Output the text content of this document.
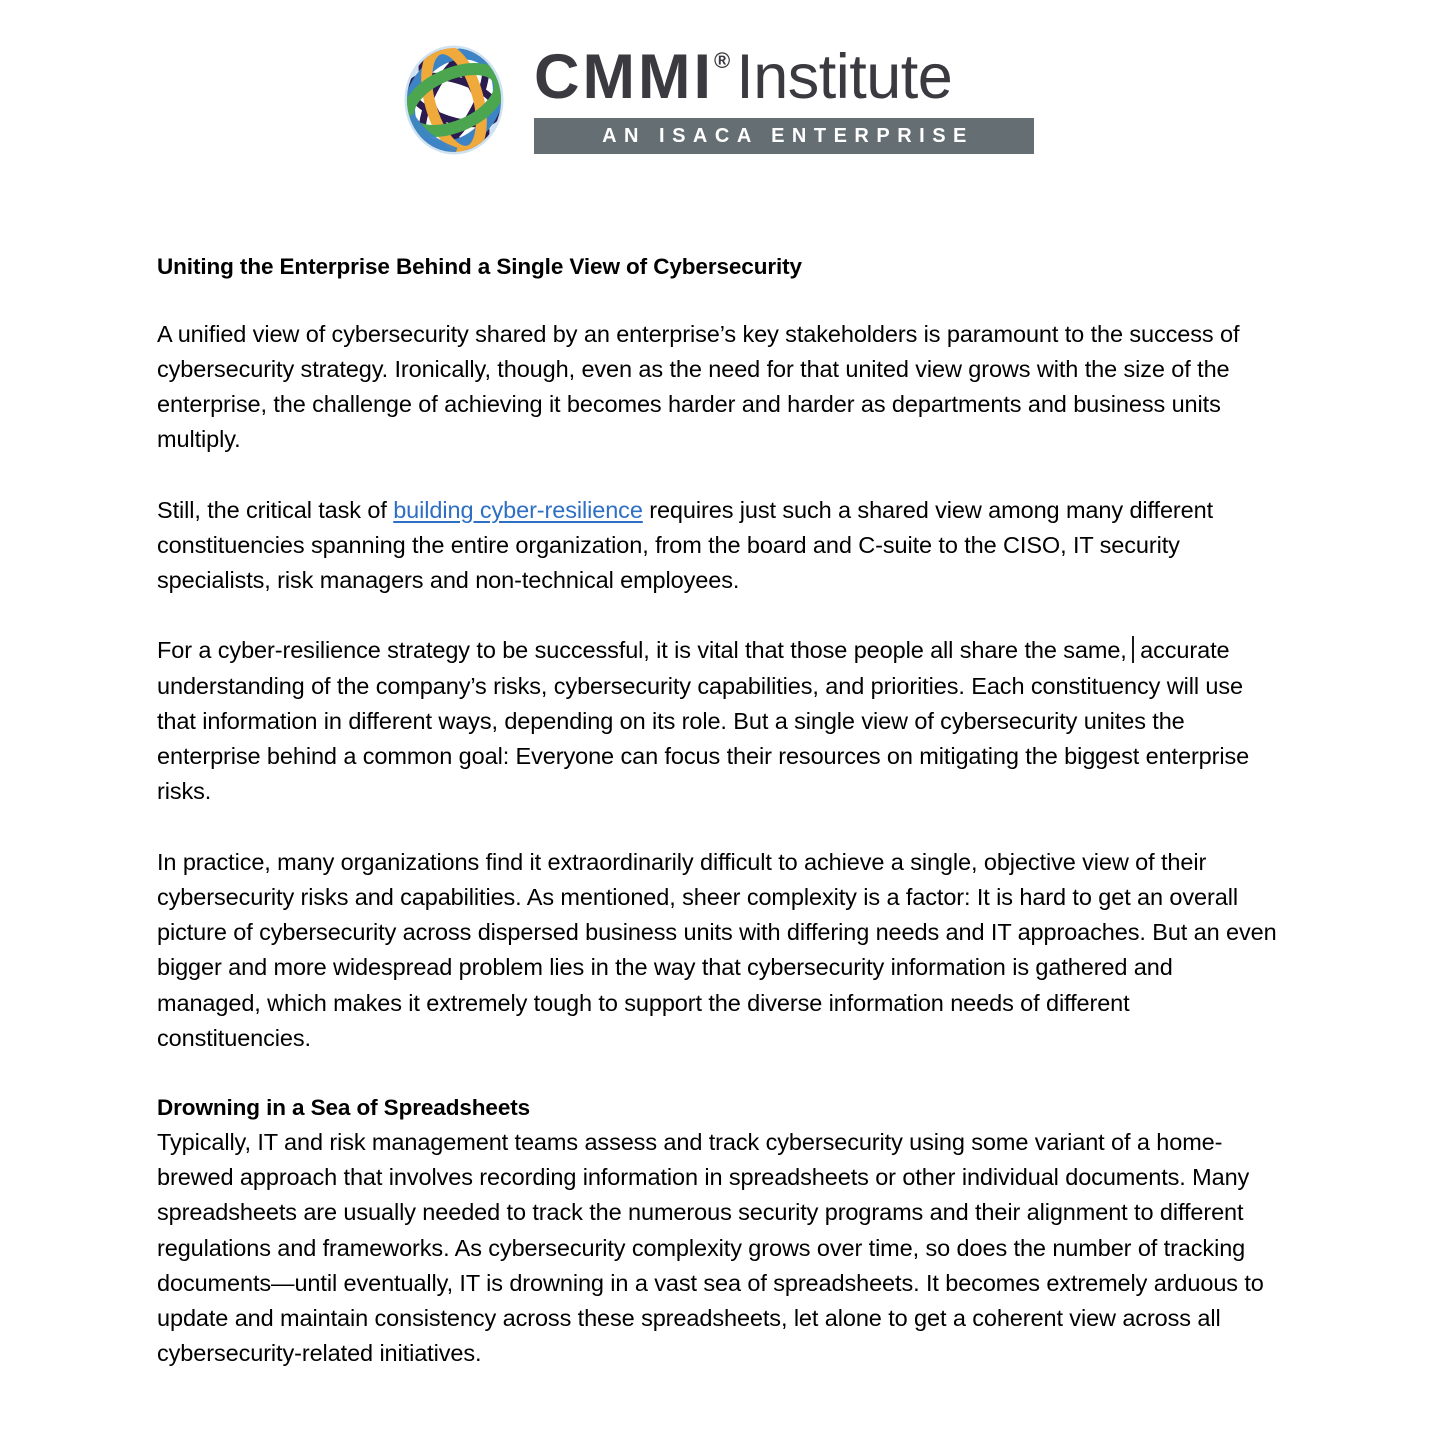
CMMI ® Institute
AN ISACA ENTERPRISE

Uniting the Enterprise Behind a Single View of Cybersecurity

A unified view of cybersecurity shared by an enterprise’s key stakeholders is paramount to the success of cybersecurity strategy. Ironically, though, even as the need for that united view grows with the size of the enterprise, the challenge of achieving it becomes harder and harder as departments and business units multiply.

Still, the critical task of building cyber-resilience requires just such a shared view among many different constituencies spanning the entire organization, from the board and C-suite to the CISO, IT security specialists, risk managers and non-technical employees.

For a cyber-resilience strategy to be successful, it is vital that those people all share the same, accurate understanding of the company’s risks, cybersecurity capabilities, and priorities. Each constituency will use that information in different ways, depending on its role. But a single view of cybersecurity unites the enterprise behind a common goal: Everyone can focus their resources on mitigating the biggest enterprise risks.

In practice, many organizations find it extraordinarily difficult to achieve a single, objective view of their cybersecurity risks and capabilities. As mentioned, sheer complexity is a factor: It is hard to get an overall picture of cybersecurity across dispersed business units with differing needs and IT approaches. But an even bigger and more widespread problem lies in the way that cybersecurity information is gathered and managed, which makes it extremely tough to support the diverse information needs of different constituencies.

Drowning in a Sea of Spreadsheets

Typically, IT and risk management teams assess and track cybersecurity using some variant of a home-brewed approach that involves recording information in spreadsheets or other individual documents. Many spreadsheets are usually needed to track the numerous security programs and their alignment to different regulations and frameworks. As cybersecurity complexity grows over time, so does the number of tracking documents—until eventually, IT is drowning in a vast sea of spreadsheets. It becomes extremely arduous to update and maintain consistency across these spreadsheets, let alone to get a coherent view across all cybersecurity-related initiatives.
